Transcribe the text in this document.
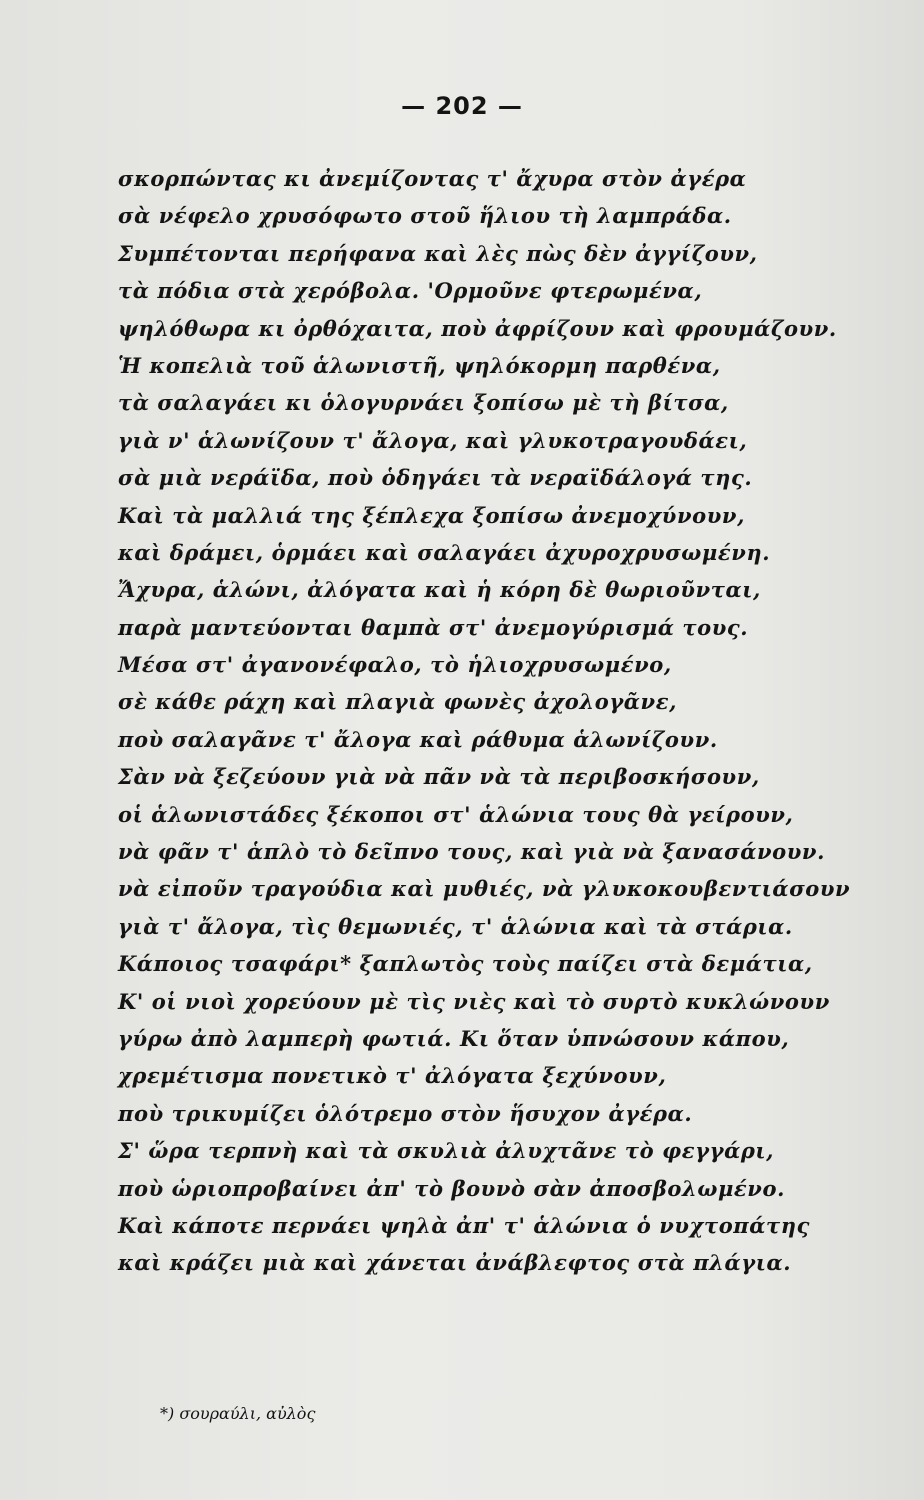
— 202 —
σκορπώντας κι ἀνεμίζοντας τ' ἄχυρα στὸν ἀγέρα
σὰ νέφελο χρυσόφωτο στοῦ ἥλιου τὴ λαμπράδα.
Συμπέτονται περήφανα καὶ λὲς πὼς δὲν ἀγγίζουν,
τὰ πόδια στὰ χερόβολα. 'Ορμοῦνε φτερωμένα,
ψηλόθωρα κι ὀρθόχαιτα, ποὺ ἀφρίζουν καὶ φρουμάζουν.
Ἡ κοπελιὰ τοῦ ἁλωνιστῆ, ψηλόκορμη παρθένα,
τὰ σαλαγάει κι ὁλογυρνάει ξοπίσω μὲ τὴ βίτσα,
γιὰ ν' ἁλωνίζουν τ' ἄλογα, καὶ γλυκοτραγουδάει,
σὰ μιὰ νεράϊδα, ποὺ ὁδηγάει τὰ νεραϊδάλογά της.
Καὶ τὰ μαλλιά της ξέπλεχα ξοπίσω ἀνεμοχύνουν,
καὶ δράμει, ὁρμάει καὶ σαλαγάει ἀχυροχρυσωμένη.
Ἄχυρα, ἁλώνι, ἀλόγατα καὶ ἡ κόρη δὲ θωριοῦνται,
παρὰ μαντεύονται θαμπὰ στ' ἀνεμογύρισμά τους.
Μέσα στ' ἀγανονέφαλο, τὸ ἡλιοχρυσωμένο,
σὲ κάθε ράχη καὶ πλαγιὰ φωνὲς ἀχολογᾶνε,
ποὺ σαλαγᾶνε τ' ἄλογα καὶ ράθυμα ἁλωνίζουν.
Σὰν νὰ ξεζεύουν γιὰ νὰ πᾶν νὰ τὰ περιβοσκήσουν,
οἱ ἁλωνιστάδες ξέκοποι στ' ἁλώνια τους θὰ γείρουν,
νὰ φᾶν τ' ἁπλὸ τὸ δεῖπνο τους, καὶ γιὰ νὰ ξανασάνουν.
νὰ εἰποῦν τραγούδια καὶ μυθιές, νὰ γλυκοκουβεντιάσουν
γιὰ τ' ἄλογα, τὶς θεμωνιές, τ' ἁλώνια καὶ τὰ στάρια.
Κάποιος τσαφάρι* ξαπλωτὸς τοὺς παίζει στὰ δεμάτια,
Κ' οἱ νιοὶ χορεύουν μὲ τὶς νιὲς καὶ τὸ συρτὸ κυκλώνουν
γύρω ἀπὸ λαμπερὴ φωτιά. Κι ὅταν ὑπνώσουν κάπου,
χρεμέτισμα πονετικὸ τ' ἀλόγατα ξεχύνουν,
ποὺ τρικυμίζει ὁλότρεμο στὸν ἥσυχον ἀγέρα.
Σ' ὥρα τερπνὴ καὶ τὰ σκυλιὰ ἀλυχτᾶνε τὸ φεγγάρι,
ποὺ ὡριοπροβαίνει ἀπ' τὸ βουνὸ σὰν ἀποσβολωμένο.
Καὶ κάποτε περνάει ψηλὰ ἀπ' τ' ἁλώνια ὁ νυχτοπάτης
καὶ κράζει μιὰ καὶ χάνεται ἀνάβλεφτος στὰ πλάγια.
*) σουραύλι, αὐλὸς
